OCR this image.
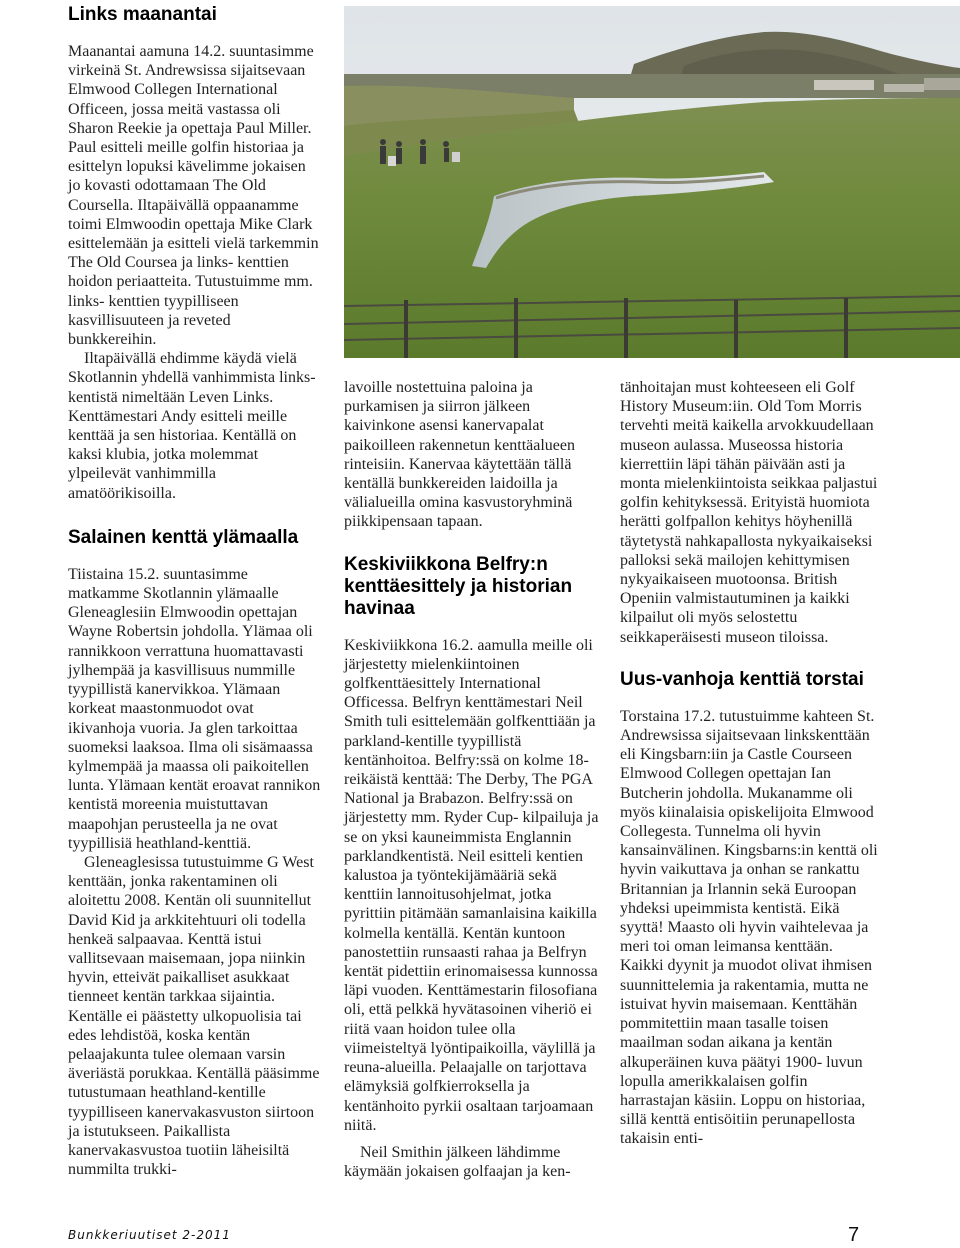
Links maanantai

Maanantai aamuna 14.2. suuntasimme virkeinä St. Andrewsissa sijaitsevaan Elmwood Collegen International Officeen, jossa meitä vastassa oli Sharon Reekie ja opettaja Paul Miller. Paul esitteli meille golfin historiaa ja esittelyn lopuksi kävelimme jokaisen jo kovasti odottamaan The Old Coursella. Iltapäivällä oppaanamme toimi Elmwoodin opettaja Mike Clark esittelemään ja esitteli vielä tarkemmin The Old Coursea ja links- kenttien hoidon periaatteita. Tutustuimme mm. links- kenttien tyypilliseen kasvillisuuteen ja reveted bunkkereihin.

Iltapäivällä ehdimme käydä vielä Skotlannin yhdellä vanhimmista links- kentistä nimeltään Leven Links. Kenttämestari Andy esitteli meille kenttää ja sen historiaa. Kentällä on kaksi klubia, jotka molemmat ylpeilevät vanhimmilla amatöörikisoilla.

Salainen kenttä ylämaalla

Tiistaina 15.2. suuntasimme matkamme Skotlannin ylämaalle Gleneaglesiin Elmwoodin opettajan Wayne Robertsin johdolla. Ylämaa oli rannikkoon verrattuna huomattavasti jylhempää ja kasvillisuus nummille tyypillistä kanervikkoa. Ylämaan korkeat maastonmuodot ovat ikivanhoja vuoria. Ja glen tarkoittaa suomeksi laaksoa. Ilma oli sisämaassa kylmempää ja maassa oli paikoitellen lunta. Ylämaan kentät eroavat rannikon kentistä moreenia muistuttavan maapohjan perusteella ja ne ovat tyypillisiä heathland-kenttiä.

Gleneaglesissa tutustuimme G West kenttään, jonka rakentaminen oli aloitettu 2008. Kentän oli suunnitellut David Kid ja arkkitehtuuri oli todella henkeä salpaavaa. Kenttä istui vallitsevaan maisemaan, jopa niinkin hyvin, etteivät paikalliset asukkaat tienneet kentän tarkkaa sijaintia. Kentälle ei päästetty ulkopuolisia tai edes lehdistöä, koska kentän pelaajakunta tulee olemaan varsin äveriästä porukkaa. Kentällä pääsimme tutustumaan heathland-kentille tyypilliseen kanervakasvuston siirtoon ja istutukseen. Paikallista kanervakasvustoa tuotiin läheisiltä nummilta trukki-

lavoille nostettuina paloina ja purkamisen ja siirron jälkeen kaivinkone asensi kanervapalat paikoilleen rakennetun kenttäalueen rinteisiin. Kanervaa käytettään tällä kentällä bunkkereiden laidoilla ja välialueilla omina kasvustoryhminä piikkipensaan tapaan.

Keskiviikkona Belfry:n kenttäesittely ja historian havinaa

Keskiviikkona 16.2. aamulla meille oli järjestetty mielenkiintoinen golfkenttäesittely International Officessa. Belfryn kenttämestari Neil Smith tuli esittelemään golfkenttiään ja parkland-kentille tyypillistä kentänhoitoa. Belfry:ssä on kolme 18- reikäistä kenttää: The Derby, The PGA National ja Brabazon. Belfry:ssä on järjestetty mm. Ryder Cup- kilpailuja ja se on yksi kauneimmista Englannin parklandkentistä. Neil esitteli kentien kalustoa ja työntekijämääriä sekä kenttiin lannoitusohjelmat, jotka pyrittiin pitämään samanlaisina kaikilla kolmella kentällä. Kentän kuntoon panostettiin runsaasti rahaa ja Belfryn kentät pidettiin erinomaisessa kunnossa läpi vuoden. Kenttämestarin filosofiana oli, että pelkkä hyvätasoinen viheriö ei riitä vaan hoidon tulee olla viimeisteltyä lyöntipaikoilla, väylillä ja reuna-alueilla. Pelaajalle on tarjottava elämyksiä golfkierroksella ja kentänhoito pyrkii osaltaan tarjoamaan niitä.

Neil Smithin jälkeen lähdimme käymään jokaisen golfaajan ja ken-

tänhoitajan must kohteeseen eli Golf History Museum:iin. Old Tom Morris tervehti meitä kaikella arvokkuudellaan museon aulassa. Museossa historia kierrettiin läpi tähän päivään asti ja monta mielenkiintoista seikkaa paljastui golfin kehityksessä. Erityistä huomiota herätti golfpallon kehitys höyhenillä täytetystä nahkapallosta nykyaikaiseksi palloksi sekä mailojen kehittymisen nykyaikaiseen muotoonsa. British Openiin valmistautuminen ja kaikki kilpailut oli myös selostettu seikkaperäisesti museon tiloissa.

Uus-vanhoja kenttiä torstai

Torstaina 17.2. tutustuimme kahteen St. Andrewsissa sijaitsevaan linkskenttään eli Kingsbarn:iin ja Castle Courseen Elmwood Collegen opettajan Ian Butcherin johdolla. Mukanamme oli myös kiinalaisia opiskelijoita Elmwood Collegesta. Tunnelma oli hyvin kansainvälinen. Kingsbarns:in kenttä oli hyvin vaikuttava ja onhan se rankattu Britannian ja Irlannin sekä Euroopan yhdeksi upeimmista kentistä. Eikä syyttä! Maasto oli hyvin vaihtelevaa ja meri toi oman leimansa kenttään. Kaikki dyynit ja muodot olivat ihmisen suunnittelemia ja rakentamia, mutta ne istuivat hyvin maisemaan. Kenttähän pommitettiin maan tasalle toisen maailman sodan aikana ja kentän alkuperäinen kuva päätyi 1900- luvun lopulla amerikkalaisen golfin harrastajan käsiin. Loppu on historiaa, sillä kenttä entisöitiin perunapellosta takaisin enti-

Bunkkeriuutiset 2-2011	7
